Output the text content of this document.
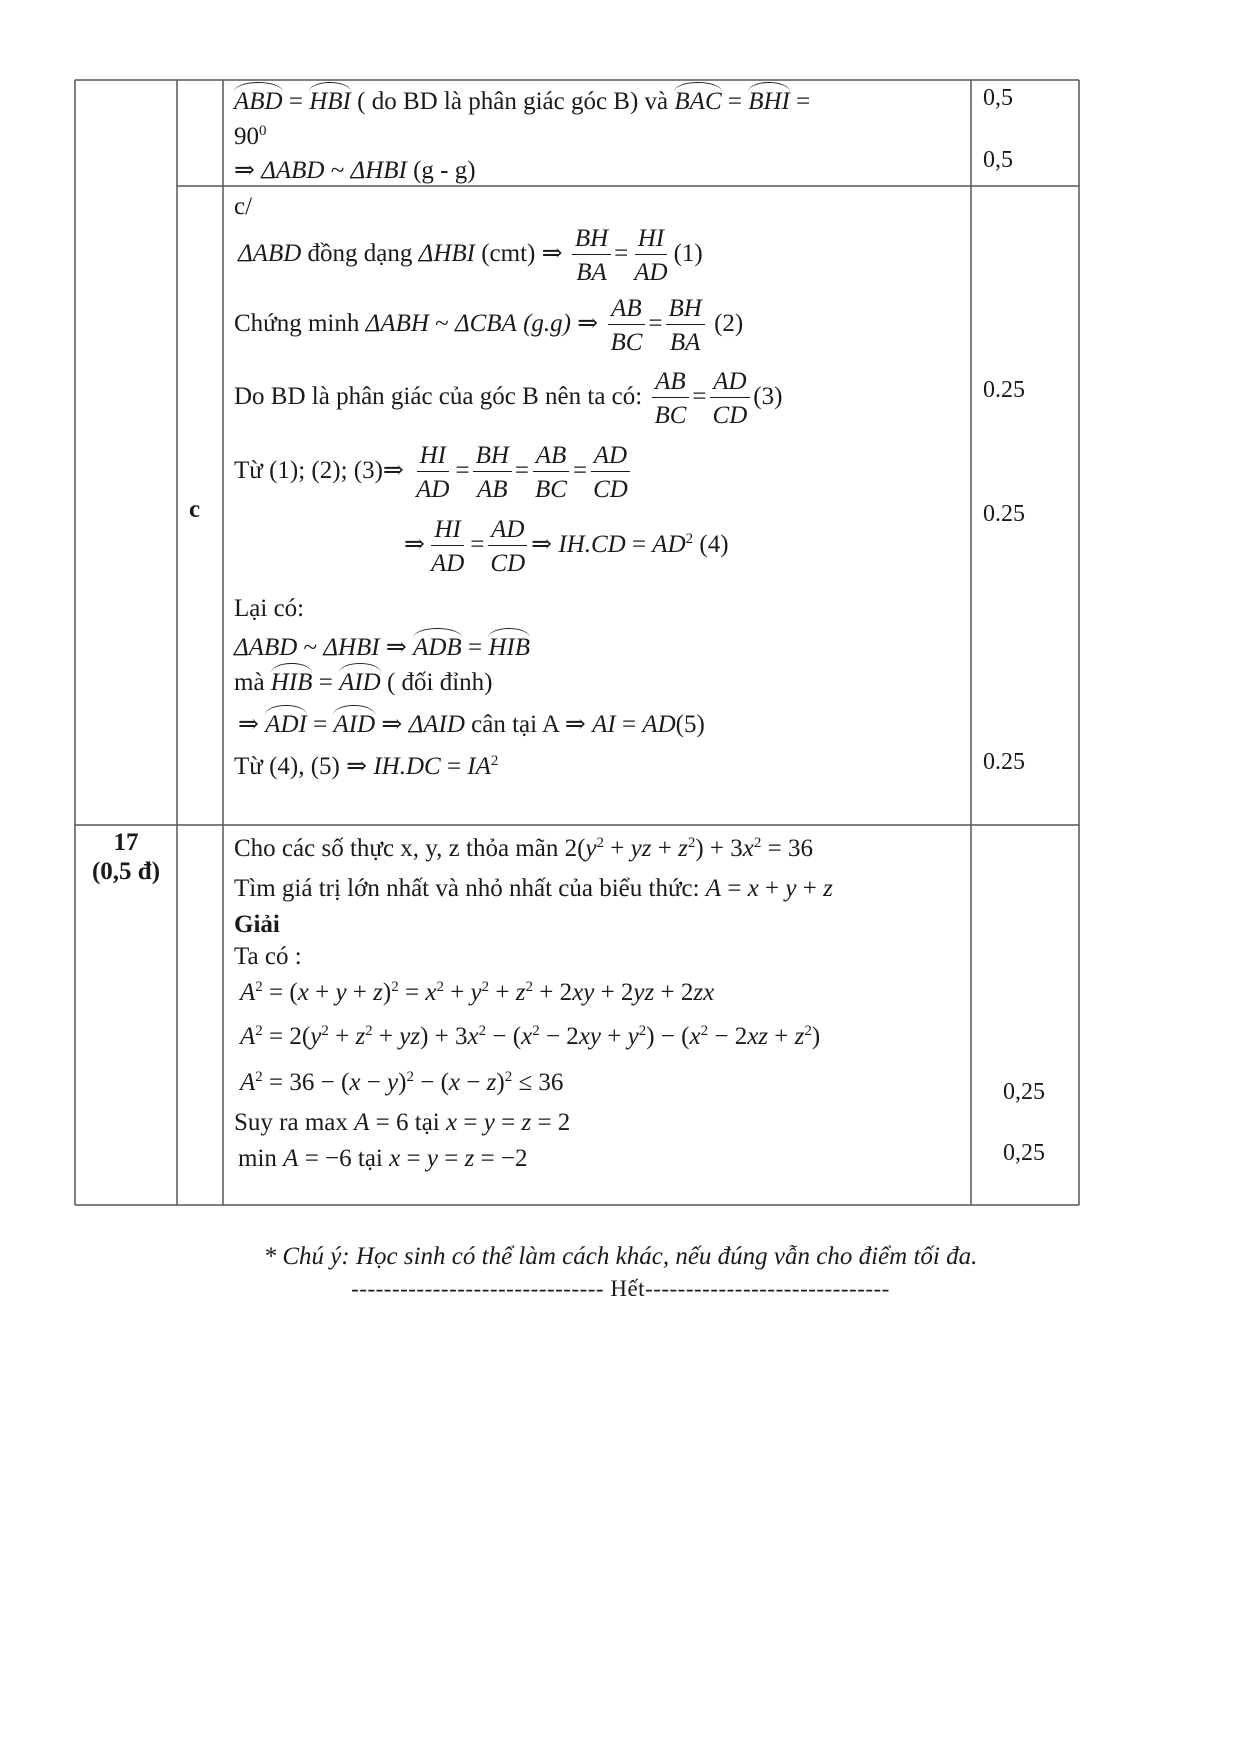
ABD = HBI ( do BD là phân giác góc B) và BAC = BHI =
$90^0$
⇒ ΔABD ~ ΔHBI (g - g)
0,5
0,5
c
c/
ΔABD đồng dạng ΔHBI (cmt) ⇒ $\frac{BH}{BA} = \frac{HI}{AD} (1)$
Chứng minh ΔABH ~ ΔCBA (g.g) ⇒ $\frac{AB}{BC} = \frac{BH}{BA} (2)$
Do BD là phân giác của góc B nên ta có: $\frac{AB}{BC} = \frac{AD}{CD} (3)$
Từ (1); (2); (3)⇒ $\frac{HI}{AD} = \frac{BH}{AB} = \frac{AB}{BC} = \frac{AD}{CD}$
⇒ $\frac{HI}{AD} = \frac{AD}{CD}$ ⇒ $IH.CD = AD^2$ (4)
Lại có:
ΔABD ~ ΔHBI ⇒ ADB = HIB
mà HIB = AID ( đối đỉnh)
⇒ ADI = AID ⇒ ΔAID cân tại A ⇒ AI = AD(5)
Từ (4), (5) ⇒ $IH.DC = IA^2$
0.25
0.25
0.25
17
(0,5 đ)
Cho các số thực x, y, z thỏa mãn $2(y^2$ + yz + $z^2) + 3x^2 = 36$
Tìm giá trị lớn nhất và nhỏ nhất của biểu thức: A = x + y + z
Giải
Ta có :
$A^2 = (x + y + z)^2 = x^2 + y^2 + z^2 + 2xy + 2yz + 2zx$
$A^2 = 2(y^2 + z^2 + yz) + 3x^2 - (x^2 - 2xy + y^2) - (x^2 - 2xz + z^2)$
$A^2 = 36 - (x - y)^2 - (x - z)^2 \le 36$
Suy ra max A = 6 tại x = y = z = 2
min A = −6 tại x = y = z = −2
0,25
0,25
* Chú ý: Học sinh có thể làm cách khác, nếu đúng vẫn cho điểm tối đa.
------------------------------- Hết------------------------------
